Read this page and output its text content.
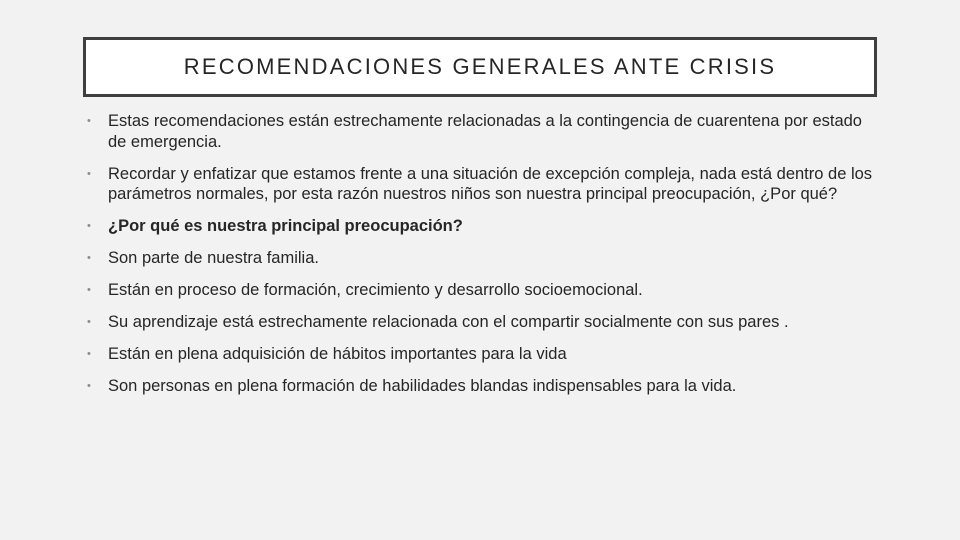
RECOMENDACIONES GENERALES ANTE CRISIS
•	Estas recomendaciones están estrechamente relacionadas a la contingencia de cuarentena por estado de emergencia.
•	Recordar y enfatizar que estamos frente a una situación de excepción compleja, nada está dentro de los parámetros normales, por esta razón nuestros niños son nuestra principal preocupación, ¿Por qué?
•	¿Por qué es nuestra principal preocupación?
•	Son parte de nuestra familia.
•	Están en proceso de formación, crecimiento y desarrollo socioemocional.
•	Su aprendizaje está estrechamente relacionada con el compartir socialmente con sus pares .
•	Están en plena adquisición de hábitos importantes para la vida
•	Son personas en plena formación de habilidades blandas indispensables para la vida.
